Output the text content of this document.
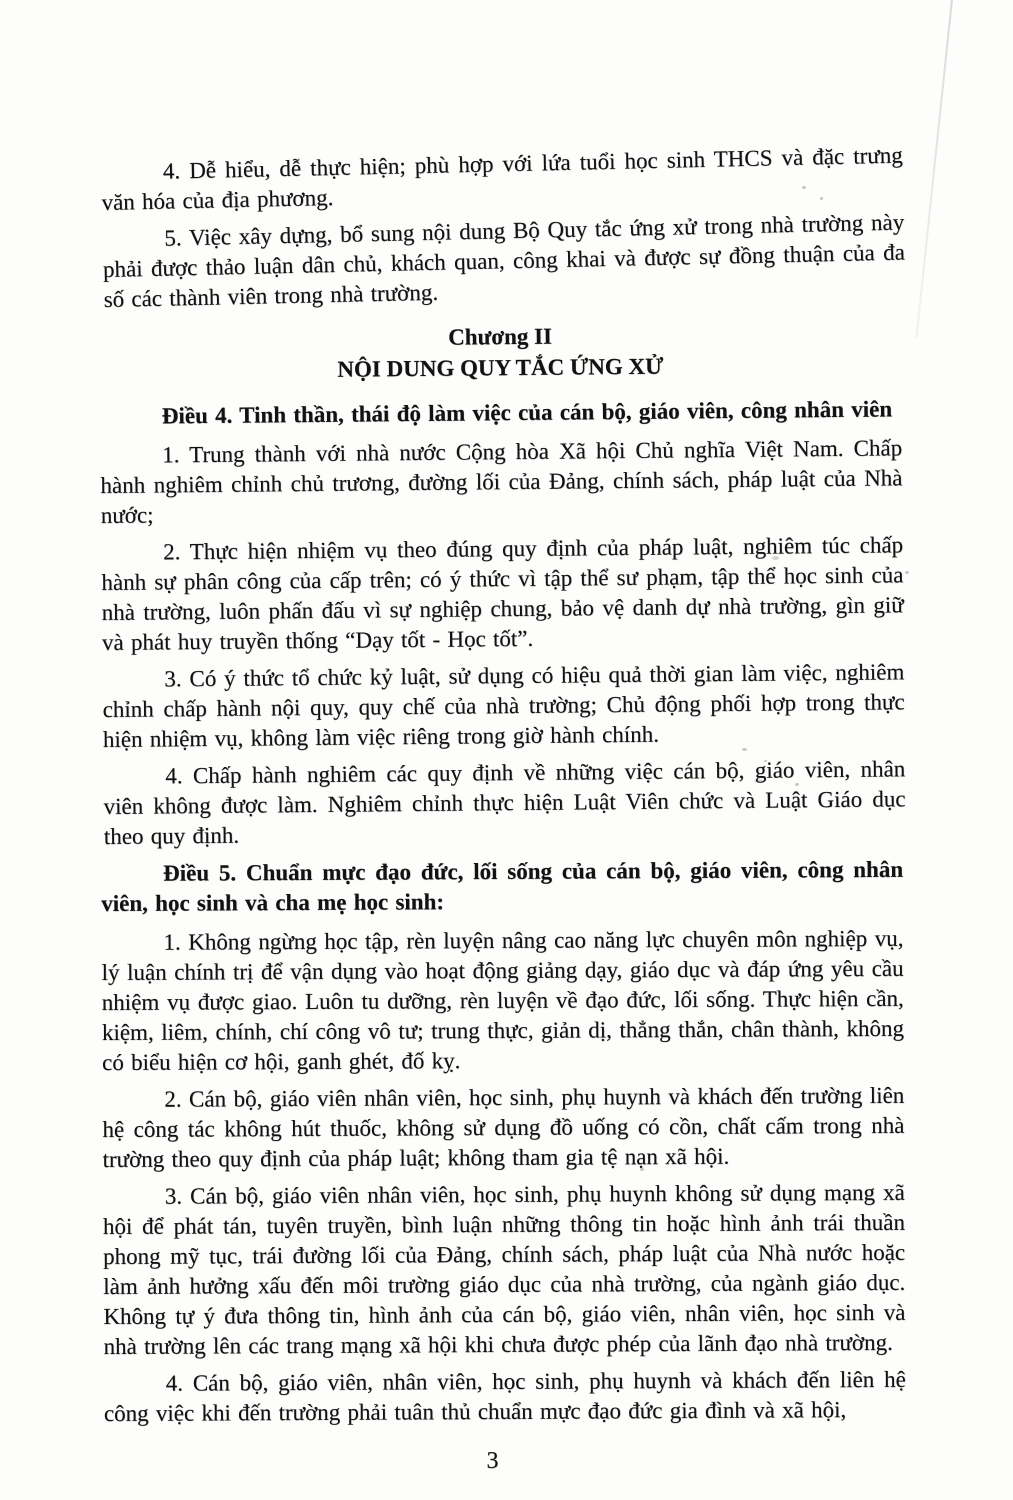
4. Dễ hiểu, dễ thực hiện; phù hợp với lứa tuổi học sinh THCS và đặc trưng văn hóa của địa phương.

5. Việc xây dựng, bổ sung nội dung Bộ Quy tắc ứng xử trong nhà trường này phải được thảo luận dân chủ, khách quan, công khai và được sự đồng thuận của đa số các thành viên trong nhà trường.

Chương II
NỘI DUNG QUY TẮC ỨNG XỬ

Điều 4. Tinh thần, thái độ làm việc của cán bộ, giáo viên, công nhân viên

1. Trung thành với nhà nước Cộng hòa Xã hội Chủ nghĩa Việt Nam. Chấp hành nghiêm chỉnh chủ trương, đường lối của Đảng, chính sách, pháp luật của Nhà nước;

2. Thực hiện nhiệm vụ theo đúng quy định của pháp luật, nghiêm túc chấp hành sự phân công của cấp trên; có ý thức vì tập thể sư phạm, tập thể học sinh của nhà trường, luôn phấn đấu vì sự nghiệp chung, bảo vệ danh dự nhà trường, gìn giữ và phát huy truyền thống “Dạy tốt - Học tốt”.

3. Có ý thức tổ chức kỷ luật, sử dụng có hiệu quả thời gian làm việc, nghiêm chỉnh chấp hành nội quy, quy chế của nhà trường; Chủ động phối hợp trong thực hiện nhiệm vụ, không làm việc riêng trong giờ hành chính.

4. Chấp hành nghiêm các quy định về những việc cán bộ, giáo viên, nhân viên không được làm. Nghiêm chỉnh thực hiện Luật Viên chức và Luật Giáo dục theo quy định.

Điều 5. Chuẩn mực đạo đức, lối sống của cán bộ, giáo viên, công nhân viên, học sinh và cha mẹ học sinh:

1. Không ngừng học tập, rèn luyện nâng cao năng lực chuyên môn nghiệp vụ, lý luận chính trị để vận dụng vào hoạt động giảng dạy, giáo dục và đáp ứng yêu cầu nhiệm vụ được giao. Luôn tu dưỡng, rèn luyện về đạo đức, lối sống. Thực hiện cần, kiệm, liêm, chính, chí công vô tư; trung thực, giản dị, thẳng thắn, chân thành, không có biểu hiện cơ hội, ganh ghét, đố kỵ.

2. Cán bộ, giáo viên nhân viên, học sinh, phụ huynh và khách đến trường liên hệ công tác không hút thuốc, không sử dụng đồ uống có cồn, chất cấm trong nhà trường theo quy định của pháp luật; không tham gia tệ nạn xã hội.

3. Cán bộ, giáo viên nhân viên, học sinh, phụ huynh không sử dụng mạng xã hội để phát tán, tuyên truyền, bình luận những thông tin hoặc hình ảnh trái thuần phong mỹ tục, trái đường lối của Đảng, chính sách, pháp luật của Nhà nước hoặc làm ảnh hưởng xấu đến môi trường giáo dục của nhà trường, của ngành giáo dục. Không tự ý đưa thông tin, hình ảnh của cán bộ, giáo viên, nhân viên, học sinh và nhà trường lên các trang mạng xã hội khi chưa được phép của lãnh đạo nhà trường.

4. Cán bộ, giáo viên, nhân viên, học sinh, phụ huynh và khách đến liên hệ công việc khi đến trường phải tuân thủ chuẩn mực đạo đức gia đình và xã hội,

3
